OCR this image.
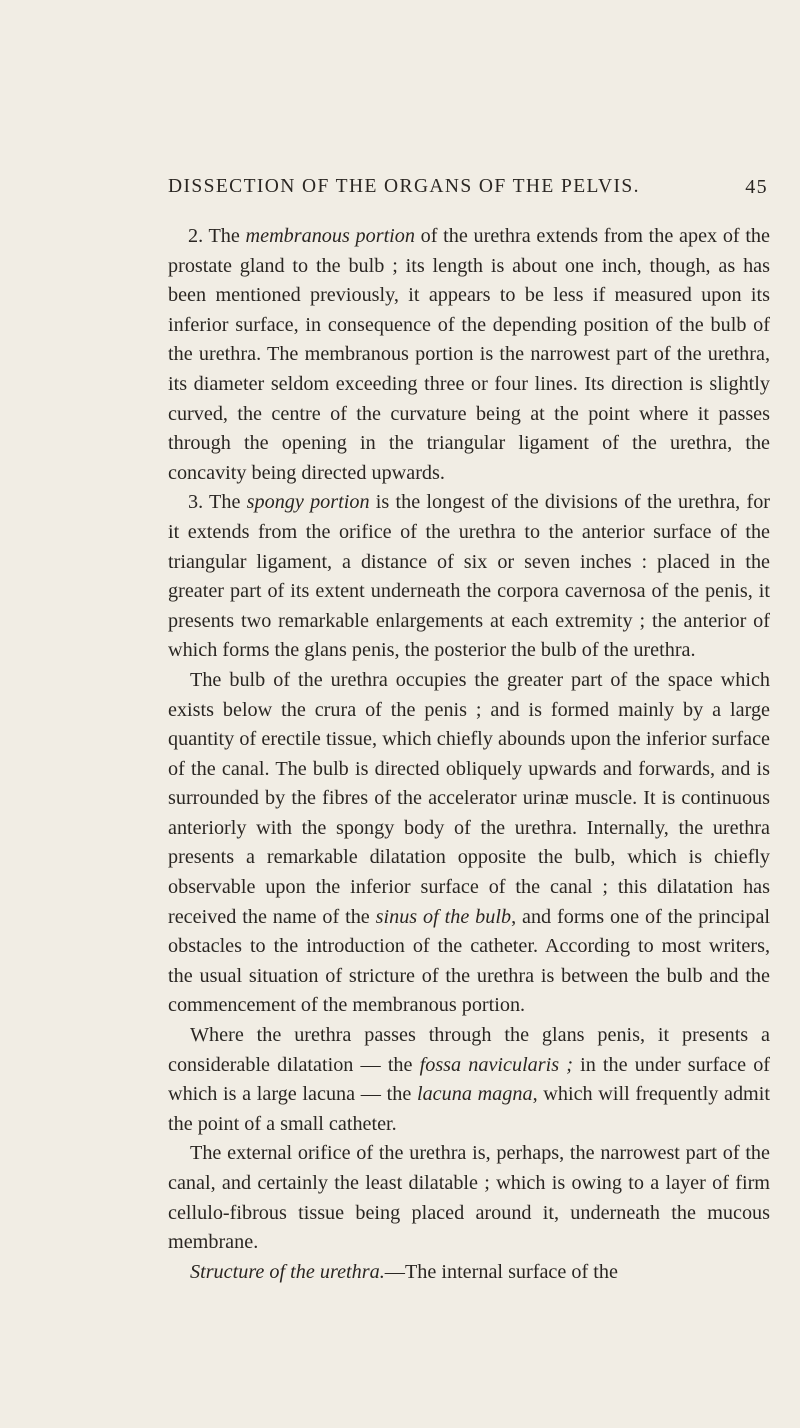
DISSECTION OF THE ORGANS OF THE PELVIS.	45

2. The membranous portion of the urethra extends from the apex of the prostate gland to the bulb ; its length is about one inch, though, as has been mentioned previously, it appears to be less if measured upon its inferior surface, in consequence of the depending position of the bulb of the urethra. The membranous portion is the narrowest part of the urethra, its diameter seldom exceeding three or four lines. Its direction is slightly curved, the centre of the curvature being at the point where it passes through the opening in the triangular ligament of the urethra, the concavity being directed upwards.

3. The spongy portion is the longest of the divisions of the urethra, for it extends from the orifice of the urethra to the anterior surface of the triangular ligament, a distance of six or seven inches : placed in the greater part of its extent underneath the corpora cavernosa of the penis, it presents two remarkable enlargements at each extremity ; the anterior of which forms the glans penis, the posterior the bulb of the urethra.

The bulb of the urethra occupies the greater part of the space which exists below the crura of the penis ; and is formed mainly by a large quantity of erectile tissue, which chiefly abounds upon the inferior surface of the canal. The bulb is directed obliquely upwards and forwards, and is surrounded by the fibres of the accelerator urinæ muscle. It is continuous anteriorly with the spongy body of the urethra. Internally, the urethra presents a remarkable dilatation opposite the bulb, which is chiefly observable upon the inferior surface of the canal ; this dilatation has received the name of the sinus of the bulb, and forms one of the principal obstacles to the introduction of the catheter. According to most writers, the usual situation of stricture of the urethra is between the bulb and the commencement of the membranous portion.

Where the urethra passes through the glans penis, it presents a considerable dilatation — the fossa navicularis ; in the under surface of which is a large lacuna — the lacuna magna, which will frequently admit the point of a small catheter.

The external orifice of the urethra is, perhaps, the narrowest part of the canal, and certainly the least dilatable ; which is owing to a layer of firm cellulo-fibrous tissue being placed around it, underneath the mucous membrane.

Structure of the urethra.—The internal surface of the
